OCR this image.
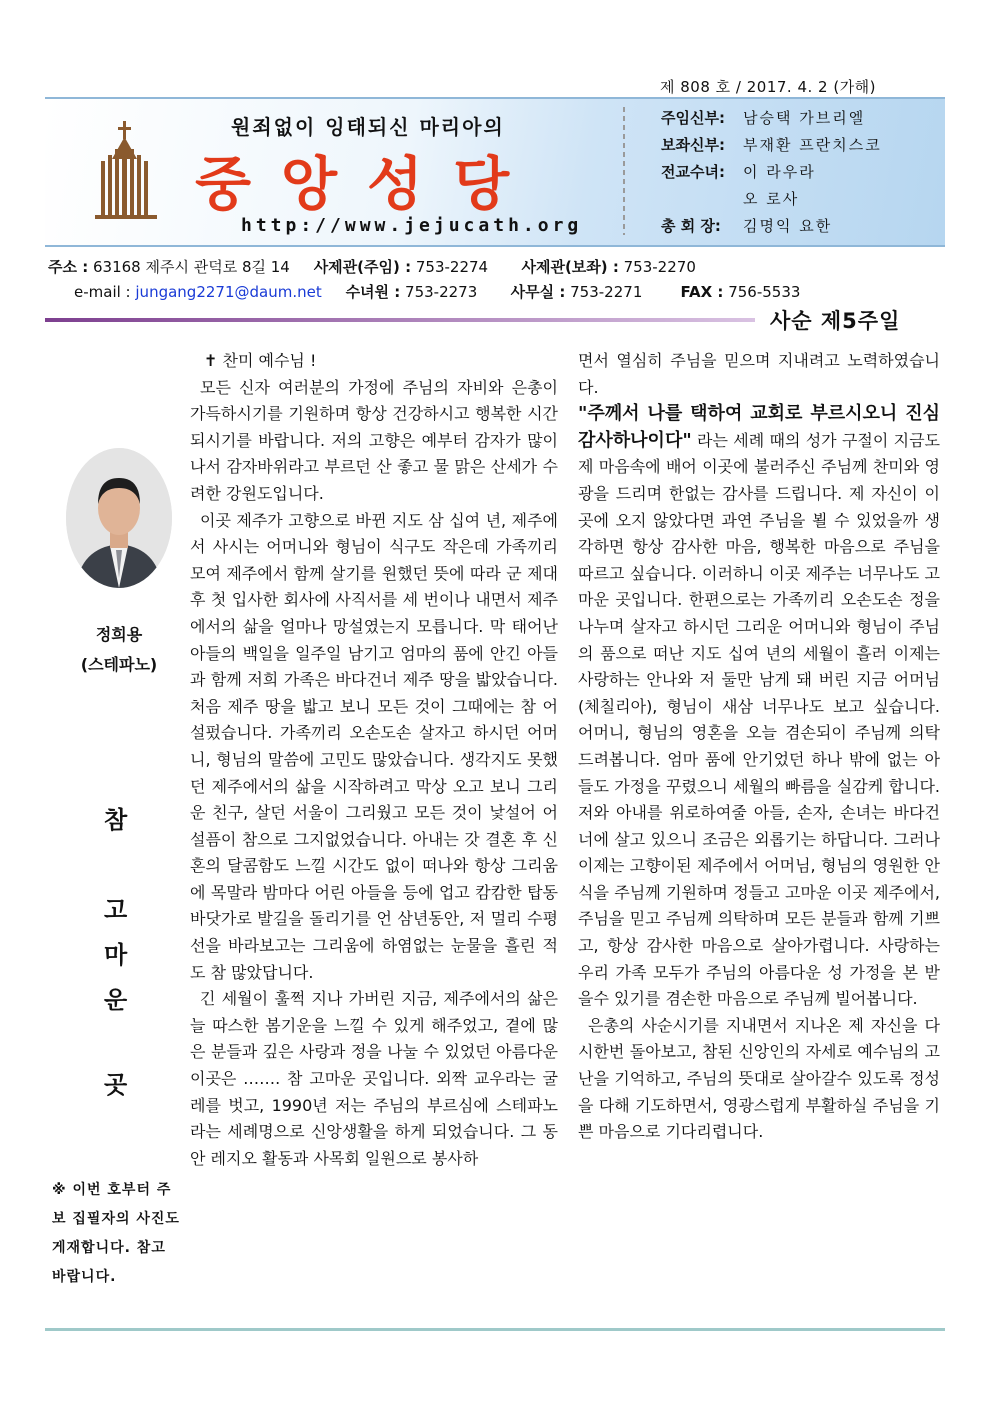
제 808 호 / 2017. 4. 2 (가해)
원죄없이 잉태되신 마리아의
중앙성당
http://www.jejucath.org
주임신부:	남승택 가브리엘
보좌신부:	부재환 프란치스코
전교수녀:	이 라우라
오 로사
총 회 장:	김명익 요한
주소 : 63168 제주시 관덕로 8길 14 사제관(주임) : 753-2274 사제관(보좌) : 753-2270
e-mail : jungang2271@daum.net 수녀원 : 753-2273 사무실 : 753-2271	FAX : 756-5533
사순 제5주일
정희용
(스테파노)
참
고
마
운
곳
※ 이번 호부터 주보 집필자의 사진도 게재합니다. 참고바랍니다.

✝ 찬미 예수님 !

모든 신자 여러분의 가정에 주님의 자비와 은총이 가득하시기를 기원하며 항상 건강하시고 행복한 시간되시기를 바랍니다. 저의 고향은 예부터 감자가 많이 나서 감자바위라고 부르던 산 좋고 물 맑은 산세가 수려한 강원도입니다.

이곳 제주가 고향으로 바뀐 지도 삼 십여 년, 제주에서 사시는 어머니와 형님이 식구도 작은데 가족끼리 모여 제주에서 함께 살기를 원했던 뜻에 따라 군 제대 후 첫 입사한 회사에 사직서를 세 번이나 내면서 제주에서의 삶을 얼마나 망설였는지 모릅니다. 막 태어난 아들의 백일을 일주일 남기고 엄마의 품에 안긴 아들과 함께 저희 가족은 바다건너 제주 땅을 밟았습니다. 처음 제주 땅을 밟고 보니 모든 것이 그때에는 참 어설펐습니다. 가족끼리 오손도손 살자고 하시던 어머니, 형님의 말씀에 고민도 많았습니다. 생각지도 못했던 제주에서의 삶을 시작하려고 막상 오고 보니 그리운 친구, 살던 서울이 그리웠고 모든 것이 낯설어 어설픔이 참으로 그지없었습니다. 아내는 갓 결혼 후 신혼의 달콤함도 느낄 시간도 없이 떠나와 항상 그리움에 목말라 밤마다 어린 아들을 등에 업고 캄캄한 탑동 바닷가로 발길을 돌리기를 언 삼년동안, 저 멀리 수평선을 바라보고는 그리움에 하염없는 눈물을 흘린 적도 참 많았답니다.

긴 세월이 훌쩍 지나 가버린 지금, 제주에서의 삶은 늘 따스한 봄기운을 느낄 수 있게 해주었고, 곁에 많은 분들과 깊은 사랑과 정을 나눌 수 있었던 아름다운 이곳은 ……. 참 고마운 곳입니다. 외짝 교우라는 굴레를 벗고, 1990년 저는 주님의 부르심에 스테파노라는 세례명으로 신앙생활을 하게 되었습니다. 그 동안 레지오 활동과 사목회 일원으로 봉사하

면서 열심히 주님을 믿으며 지내려고 노력하였습니다.

"주께서 나를 택하여 교회로 부르시오니 진심 감사하나이다" 라는 세례 때의 성가 구절이 지금도 제 마음속에 배어 이곳에 불러주신 주님께 찬미와 영광을 드리며 한없는 감사를 드립니다. 제 자신이 이곳에 오지 않았다면 과연 주님을 뵐 수 있었을까 생각하면 항상 감사한 마음, 행복한 마음으로 주님을 따르고 싶습니다. 이러하니 이곳 제주는 너무나도 고마운 곳입니다. 한편으로는 가족끼리 오손도손 정을 나누며 살자고 하시던 그리운 어머니와 형님이 주님의 품으로 떠난 지도 십여 년의 세월이 흘러 이제는 사랑하는 안나와 저 둘만 남게 돼 버린 지금 어머님(체칠리아), 형님이 새삼 너무나도 보고 싶습니다. 어머니, 형님의 영혼을 오늘 겸손되이 주님께 의탁 드려봅니다. 엄마 품에 안기었던 하나 밖에 없는 아들도 가정을 꾸렸으니 세월의 빠름을 실감케 합니다. 저와 아내를 위로하여줄 아들, 손자, 손녀는 바다건너에 살고 있으니 조금은 외롭기는 하답니다. 그러나 이제는 고향이된 제주에서 어머님, 형님의 영원한 안식을 주님께 기원하며 정들고 고마운 이곳 제주에서, 주님을 믿고 주님께 의탁하며 모든 분들과 함께 기쁘고, 항상 감사한 마음으로 살아가렵니다. 사랑하는 우리 가족 모두가 주님의 아름다운 성 가정을 본 받을수 있기를 겸손한 마음으로 주님께 빌어봅니다.

은총의 사순시기를 지내면서 지나온 제 자신을 다시한번 돌아보고, 참된 신앙인의 자세로 예수님의 고난을 기억하고, 주님의 뜻대로 살아갈수 있도록 정성을 다해 기도하면서, 영광스럽게 부활하실 주님을 기쁜 마음으로 기다리렵니다.
